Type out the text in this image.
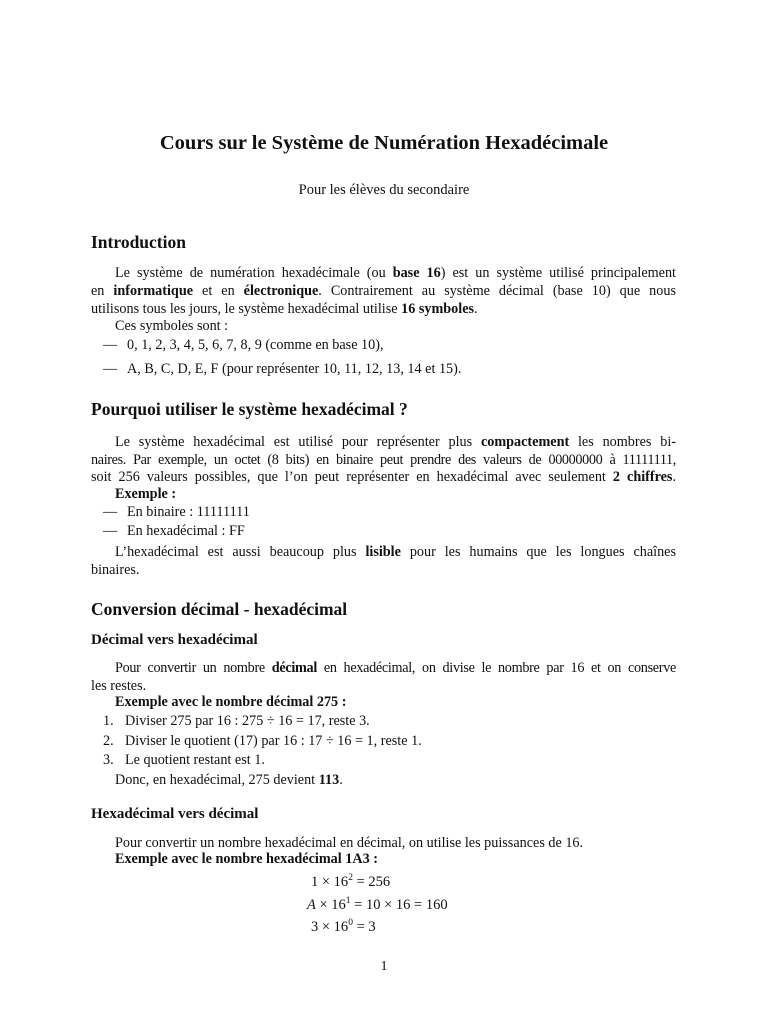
Cours sur le Système de Numération Hexadécimale
Pour les élèves du secondaire
Introduction
Le système de numération hexadécimale (ou base 16) est un système utilisé principalement
en informatique et en électronique. Contrairement au système décimal (base 10) que nous
utilisons tous les jours, le système hexadécimal utilise 16 symboles.
Ces symboles sont :
— 0, 1, 2, 3, 4, 5, 6, 7, 8, 9 (comme en base 10),
— A, B, C, D, E, F (pour représenter 10, 11, 12, 13, 14 et 15).
Pourquoi utiliser le système hexadécimal ?
Le système hexadécimal est utilisé pour représenter plus compactement les nombres bi-
naires. Par exemple, un octet (8 bits) en binaire peut prendre des valeurs de 00000000 à 11111111,
soit 256 valeurs possibles, que l’on peut représenter en hexadécimal avec seulement 2 chiffres.
Exemple :
— En binaire : 11111111
— En hexadécimal : FF
L’hexadécimal est aussi beaucoup plus lisible pour les humains que les longues chaînes
binaires.
Conversion décimal - hexadécimal
Décimal vers hexadécimal
Pour convertir un nombre décimal en hexadécimal, on divise le nombre par 16 et on conserve
les restes.
Exemple avec le nombre décimal 275 :
1. Diviser 275 par 16 : 275 ÷ 16 = 17, reste 3.
2. Diviser le quotient (17) par 16 : 17 ÷ 16 = 1, reste 1.
3. Le quotient restant est 1.
Donc, en hexadécimal, 275 devient 113.
Hexadécimal vers décimal
Pour convertir un nombre hexadécimal en décimal, on utilise les puissances de 16.
Exemple avec le nombre hexadécimal 1A3 :
$1 \times 16^2 = 256$
$A \times 16^1 = 10 \times 16 = 160$
$3 \times 16^0 = 3$
1
